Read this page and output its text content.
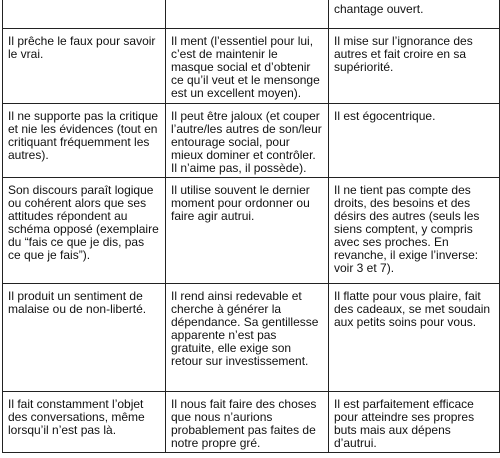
		chantage ouvert.
Il prêche le faux pour savoir le vrai.	Il ment (l’essentiel pour lui, c’est de maintenir le masque social et d’obtenir ce qu’il veut et le mensonge est un excellent moyen).	Il mise sur l’ignorance des autres et fait croire en sa supériorité.
Il ne supporte pas la critique et nie les évidences (tout en critiquant fréquemment les autres).	Il peut être jaloux (et couper l’autre/les autres de son/leur entourage social, pour mieux dominer et contrôler. Il n’aime pas, il possède).	Il est égocentrique.
Son discours paraît logique ou cohérent alors que ses attitudes répondent au schéma opposé (exemplaire du “fais ce que je dis, pas ce que je fais”).	Il utilise souvent le dernier moment pour ordonner ou faire agir autrui.	Il ne tient pas compte des droits, des besoins et des désirs des autres (seuls les siens comptent, y compris avec ses proches. En revanche, il exige l’inverse: voir 3 et 7).
Il produit un sentiment de malaise ou de non-liberté.	Il rend ainsi redevable et cherche à générer la dépendance. Sa gentillesse apparente n’est pas gratuite, elle exige son retour sur investissement.	Il flatte pour vous plaire, fait des cadeaux, se met soudain aux petits soins pour vous.
Il fait constamment l’objet des conversations, même lorsqu’il n’est pas là.	Il nous fait faire des choses que nous n’aurions probablement pas faites de notre propre gré.	Il est parfaitement efficace pour atteindre ses propres buts mais aux dépens d’autrui.
